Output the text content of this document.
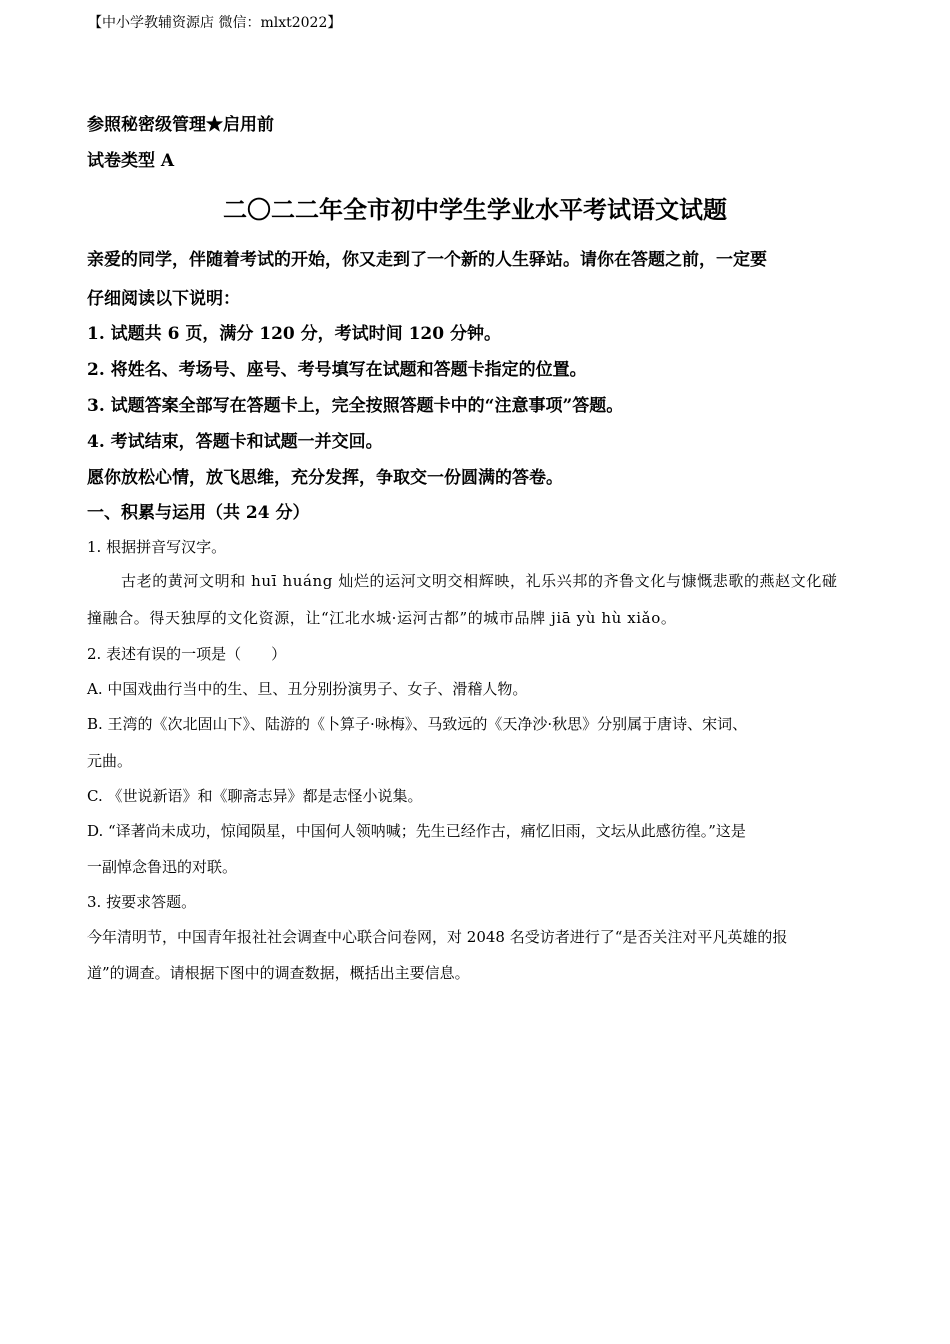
【中小学教辅资源店 微信：mlxt2022】
参照秘密级管理★启用前
试卷类型 A
二〇二二年全市初中学生学业水平考试语文试题
亲爱的同学，伴随着考试的开始，你又走到了一个新的人生驿站。请你在答题之前，一定要
仔细阅读以下说明：
1. 试题共 6 页，满分 120 分，考试时间 120 分钟。
2. 将姓名、考场号、座号、考号填写在试题和答题卡指定的位置。
3. 试题答案全部写在答题卡上，完全按照答题卡中的“注意事项”答题。
4. 考试结束，答题卡和试题一并交回。
愿你放松心情，放飞思维，充分发挥，争取交一份圆满的答卷。
一、积累与运用（共 24 分）
1. 根据拼音写汉字。
古老的黄河文明和 huī huáng 灿烂的运河文明交相辉映，礼乐兴邦的齐鲁文化与慷慨悲歌的燕赵文化碰
撞融合。得天独厚的文化资源，让“江北水城·运河古都”的城市品牌 jiā yù hù xiǎo。
2. 表述有误的一项是（　　）
A. 中国戏曲行当中的生、旦、丑分别扮演男子、女子、滑稽人物。
B. 王湾的《次北固山下》、陆游的《卜算子·咏梅》、马致远的《天净沙·秋思》分别属于唐诗、宋词、
元曲。
C. 《世说新语》和《聊斋志异》都是志怪小说集。
D. “译著尚未成功，惊闻陨星，中国何人领呐喊；先生已经作古，痛忆旧雨，文坛从此感彷徨。”这是
一副悼念鲁迅的对联。
3. 按要求答题。
今年清明节，中国青年报社社会调查中心联合问卷网，对 2048 名受访者进行了“是否关注对平凡英雄的报
道”的调查。请根据下图中的调查数据，概括出主要信息。
